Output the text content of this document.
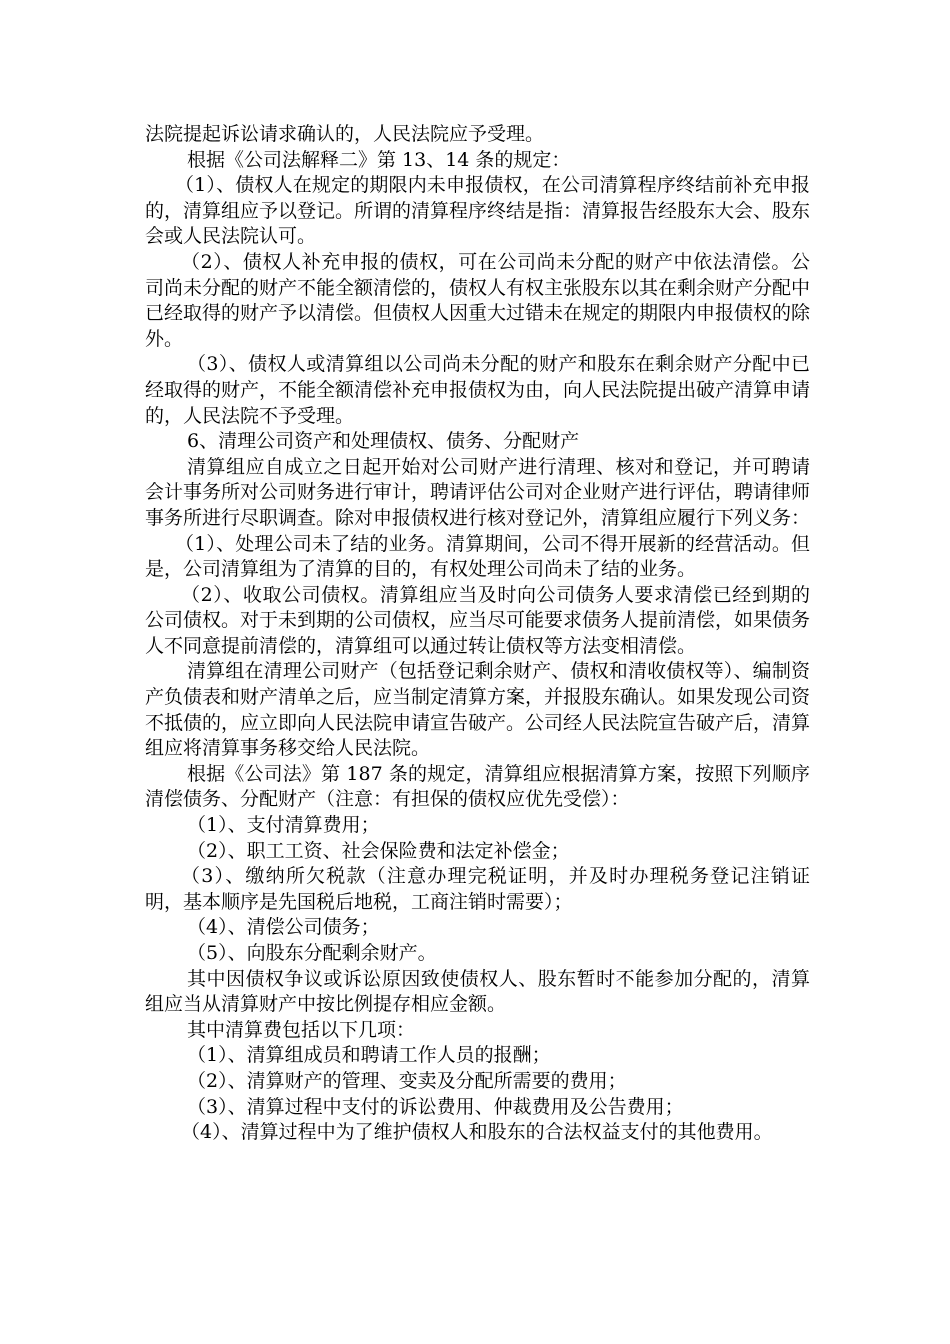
法院提起诉讼请求确认的，人民法院应予受理。

根据《公司法解释二》第 13、14 条的规定：

（1）、债权人在规定的期限内未申报债权，在公司清算程序终结前补充申报的，清算组应予以登记。所谓的清算程序终结是指：清算报告经股东大会、股东会或人民法院认可。

（2）、债权人补充申报的债权，可在公司尚未分配的财产中依法清偿。公司尚未分配的财产不能全额清偿的，债权人有权主张股东以其在剩余财产分配中已经取得的财产予以清偿。但债权人因重大过错未在规定的期限内申报债权的除外。

（3）、债权人或清算组以公司尚未分配的财产和股东在剩余财产分配中已经取得的财产，不能全额清偿补充申报债权为由，向人民法院提出破产清算申请的，人民法院不予受理。

6、清理公司资产和处理债权、债务、分配财产

清算组应自成立之日起开始对公司财产进行清理、核对和登记，并可聘请会计事务所对公司财务进行审计，聘请评估公司对企业财产进行评估，聘请律师事务所进行尽职调查。除对申报债权进行核对登记外，清算组应履行下列义务：

（1）、处理公司未了结的业务。清算期间，公司不得开展新的经营活动。但是，公司清算组为了清算的目的，有权处理公司尚未了结的业务。

（2）、收取公司债权。清算组应当及时向公司债务人要求清偿已经到期的公司债权。对于未到期的公司债权，应当尽可能要求债务人提前清偿，如果债务人不同意提前清偿的，清算组可以通过转让债权等方法变相清偿。

清算组在清理公司财产（包括登记剩余财产、债权和清收债权等）、编制资产负债表和财产清单之后，应当制定清算方案，并报股东确认。如果发现公司资不抵债的，应立即向人民法院申请宣告破产。公司经人民法院宣告破产后，清算组应将清算事务移交给人民法院。

根据《公司法》第 187 条的规定，清算组应根据清算方案，按照下列顺序清偿债务、分配财产（注意：有担保的债权应优先受偿）：

（1）、支付清算费用；

（2）、职工工资、社会保险费和法定补偿金；

（3）、缴纳所欠税款（注意办理完税证明，并及时办理税务登记注销证明，基本顺序是先国税后地税，工商注销时需要）；

（4）、清偿公司债务；

（5）、向股东分配剩余财产。

其中因债权争议或诉讼原因致使债权人、股东暂时不能参加分配的，清算组应当从清算财产中按比例提存相应金额。

其中清算费包括以下几项：

（1）、清算组成员和聘请工作人员的报酬；

（2）、清算财产的管理、变卖及分配所需要的费用；

（3）、清算过程中支付的诉讼费用、仲裁费用及公告费用；

（4）、清算过程中为了维护债权人和股东的合法权益支付的其他费用。
